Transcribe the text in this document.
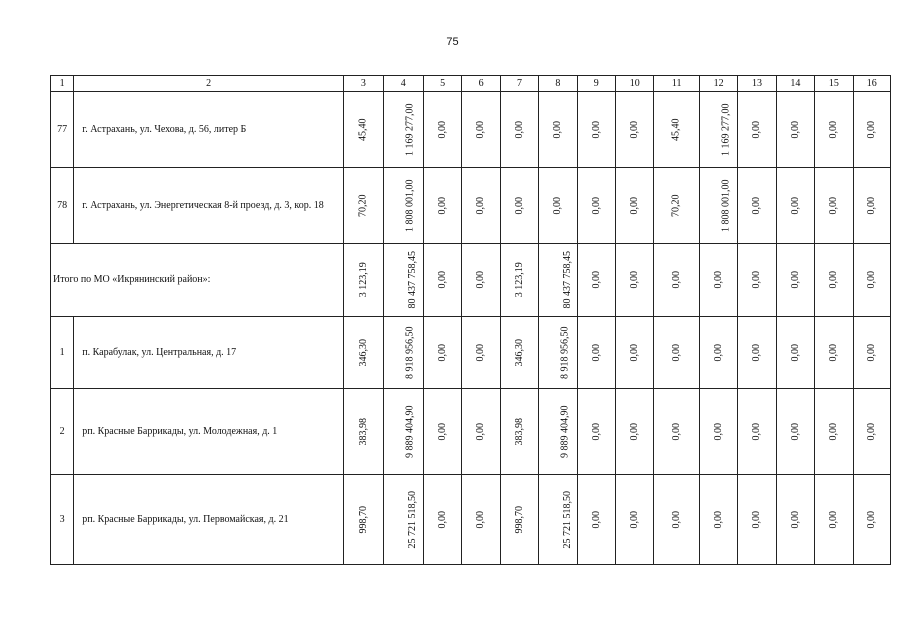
75
1	2	3	4	5	6	7	8	9	10	11	12	13	14	15	16
77	г. Астрахань, ул. Чехова, д. 56, литер Б	45,40	1 169 277,00	0,00	0,00	0,00	0,00	0,00	0,00	45,40	1 169 277,00	0,00	0,00	0,00	0,00
78	г. Астрахань, ул. Энергетическая 8-й проезд, д. 3, кор. 18	70,20	1 808 001,00	0,00	0,00	0,00	0,00	0,00	0,00	70,20	1 808 001,00	0,00	0,00	0,00	0,00
Итого по МО «Икрянинский район»:		3 123,19	80 437 758,45	0,00	0,00	3 123,19	80 437 758,45	0,00	0,00	0,00	0,00	0,00	0,00	0,00	0,00
1	п. Карабулак, ул. Центральная, д. 17	346,30	8 918 956,50	0,00	0,00	346,30	8 918 956,50	0,00	0,00	0,00	0,00	0,00	0,00	0,00	0,00
2	рп. Красные Баррикады, ул. Молодежная, д. 1	383,98	9 889 404,90	0,00	0,00	383,98	9 889 404,90	0,00	0,00	0,00	0,00	0,00	0,00	0,00	0,00
3	рп. Красные Баррикады, ул. Первомайская, д. 21	998,70	25 721 518,50	0,00	0,00	998,70	25 721 518,50	0,00	0,00	0,00	0,00	0,00	0,00	0,00	0,00
